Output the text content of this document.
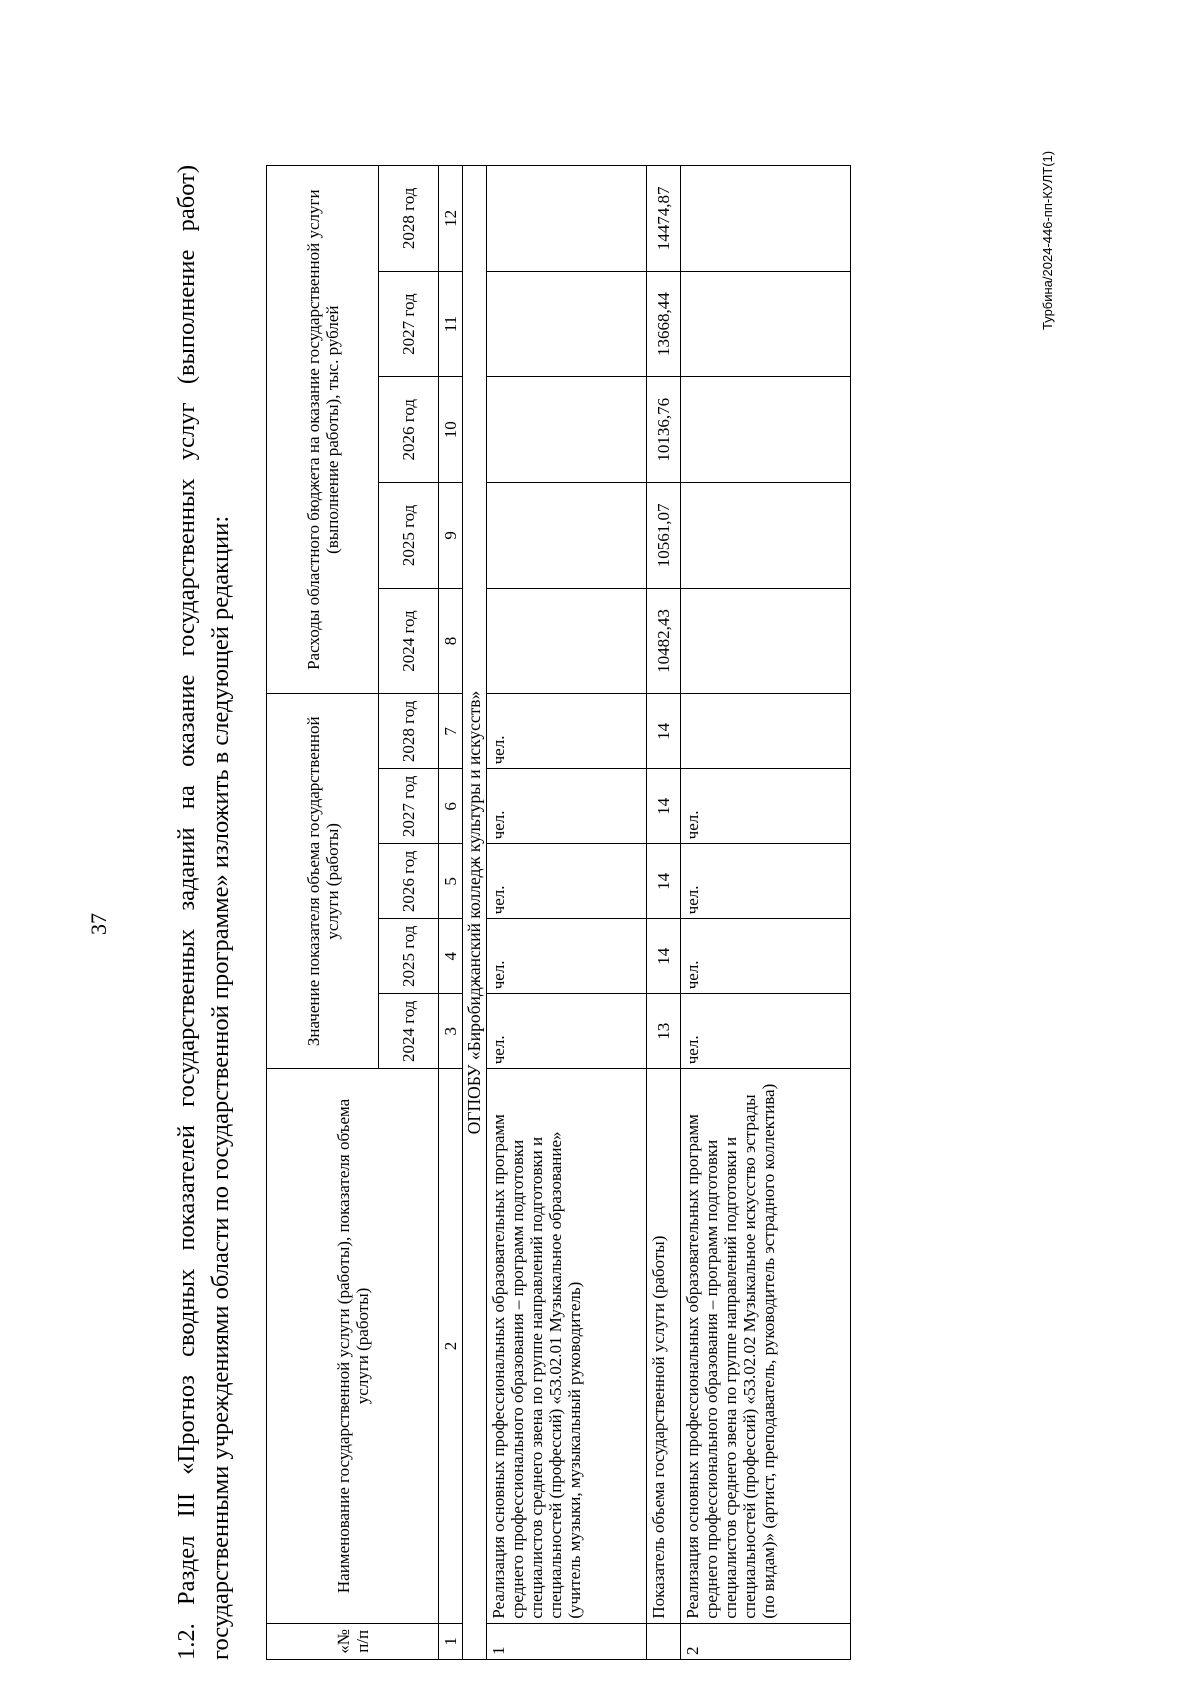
37
Турбина/2024-446-пп-КУЛТ(1)

1.2. Раздел III «Прогноз сводных показателей государственных заданий на оказание государственных услуг (выполнение работ) государственными учреждениями области по государственной программе» изложить в следующей редакции:	«№ п/п	Наименование государственной услуги (работы), показателя объема услуги (работы)	Значение показателя объема государственной услуги (работы)					Расходы областного бюджета на оказание государственной услуги (выполнение работы), тыс. рублей				
		2024 год	2025 год	2026 год	2027 год	2028 год	2024 год	2025 год	2026 год	2027 год	2028 год
1	2	3	4	5	6	7	8	9	10	11	12
ОГПОБУ «Биробиджанский колледж культуры и искусств»											
1	Реализация основных профессиональных образовательных программ среднего профессионального образования – программ подготовки специалистов среднего звена по группе направлений подготовки и специальностей (профессий) «53.02.01 Музыкальное образование» (учитель музыки, музыкальный руководитель)	чел.	чел.	чел.	чел.	чел.					
	Показатель объема государственной услуги (работы)	13	14	14	14	14	10482,43	10561,07	10136,76	13668,44	14474,87
2	Реализация основных профессиональных образовательных программ среднего профессионального образования – программ подготовки специалистов среднего звена по группе направлений подготовки и специальностей (профессий) «53.02.02 Музыкальное искусство эстрады (по видам)» (артист, преподаватель, руководитель эстрадного коллектива)	чел.	чел.	чел.	чел.						
